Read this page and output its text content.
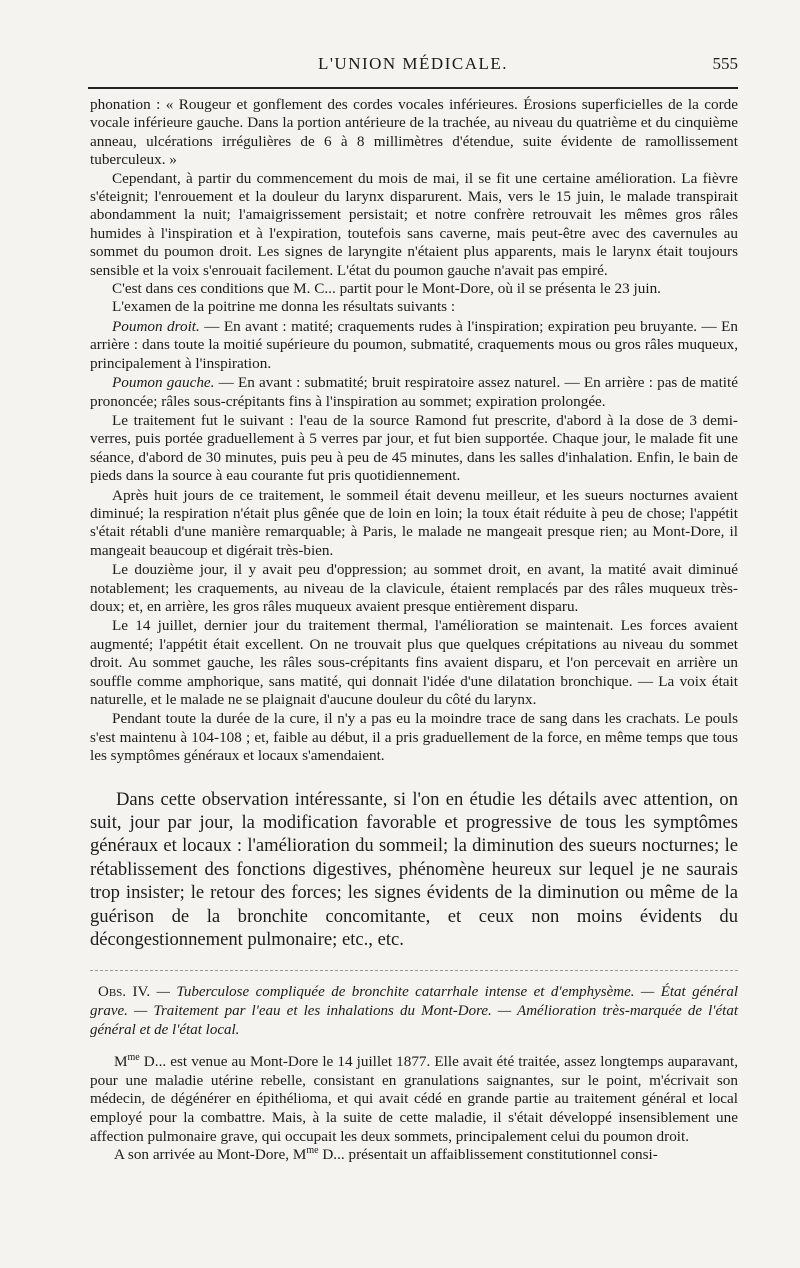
L'UNION MÉDICALE.	555

phonation : « Rougeur et gonflement des cordes vocales inférieures. Érosions superficielles de la corde vocale inférieure gauche. Dans la portion antérieure de la trachée, au niveau du quatrième et du cinquième anneau, ulcérations irrégulières de 6 à 8 millimètres d'étendue, suite évidente de ramollissement tuberculeux. »

Cependant, à partir du commencement du mois de mai, il se fit une certaine amélioration. La fièvre s'éteignit; l'enrouement et la douleur du larynx disparurent. Mais, vers le 15 juin, le malade transpirait abondamment la nuit; l'amaigrissement persistait; et notre confrère retrouvait les mêmes gros râles humides à l'inspiration et à l'expiration, toutefois sans caverne, mais peut-être avec des cavernules au sommet du poumon droit. Les signes de laryngite n'étaient plus apparents, mais le larynx était toujours sensible et la voix s'enrouait facilement. L'état du poumon gauche n'avait pas empiré.

C'est dans ces conditions que M. C... partit pour le Mont-Dore, où il se présenta le 23 juin.

L'examen de la poitrine me donna les résultats suivants :

Poumon droit. — En avant : matité; craquements rudes à l'inspiration; expiration peu bruyante. — En arrière : dans toute la moitié supérieure du poumon, submatité, craquements mous ou gros râles muqueux, principalement à l'inspiration.

Poumon gauche. — En avant : submatité; bruit respiratoire assez naturel. — En arrière : pas de matité prononcée; râles sous-crépitants fins à l'inspiration au sommet; expiration prolongée.

Le traitement fut le suivant : l'eau de la source Ramond fut prescrite, d'abord à la dose de 3 demi-verres, puis portée graduellement à 5 verres par jour, et fut bien supportée. Chaque jour, le malade fit une séance, d'abord de 30 minutes, puis peu à peu de 45 minutes, dans les salles d'inhalation. Enfin, le bain de pieds dans la source à eau courante fut pris quotidiennement.

Après huit jours de ce traitement, le sommeil était devenu meilleur, et les sueurs nocturnes avaient diminué; la respiration n'était plus gênée que de loin en loin; la toux était réduite à peu de chose; l'appétit s'était rétabli d'une manière remarquable; à Paris, le malade ne mangeait presque rien; au Mont-Dore, il mangeait beaucoup et digérait très-bien.

Le douzième jour, il y avait peu d'oppression; au sommet droit, en avant, la matité avait diminué notablement; les craquements, au niveau de la clavicule, étaient remplacés par des râles muqueux très-doux; et, en arrière, les gros râles muqueux avaient presque entièrement disparu.

Le 14 juillet, dernier jour du traitement thermal, l'amélioration se maintenait. Les forces avaient augmenté; l'appétit était excellent. On ne trouvait plus que quelques crépitations au niveau du sommet droit. Au sommet gauche, les râles sous-crépitants fins avaient disparu, et l'on percevait en arrière un souffle comme amphorique, sans matité, qui donnait l'idée d'une dilatation bronchique. — La voix était naturelle, et le malade ne se plaignait d'aucune douleur du côté du larynx.

Pendant toute la durée de la cure, il n'y a pas eu la moindre trace de sang dans les crachats. Le pouls s'est maintenu à 104-108 ; et, faible au début, il a pris graduellement de la force, en même temps que tous les symptômes généraux et locaux s'amendaient.

Dans cette observation intéressante, si l'on en étudie les détails avec attention, on suit, jour par jour, la modification favorable et progressive de tous les symptômes généraux et locaux : l'amélioration du sommeil; la diminution des sueurs nocturnes; le rétablissement des fonctions digestives, phénomène heureux sur lequel je ne saurais trop insister; le retour des forces; les signes évidents de la diminution ou même de la guérison de la bronchite concomitante, et ceux non moins évidents du décongestionnement pulmonaire; etc., etc.

Obs. IV. — Tuberculose compliquée de bronchite catarrhale intense et d'emphysème. — État général grave. — Traitement par l'eau et les inhalations du Mont-Dore. — Amélioration très-marquée de l'état général et de l'état local.

$M^{me}$ D... est venue au Mont-Dore le 14 juillet 1877. Elle avait été traitée, assez longtemps auparavant, pour une maladie utérine rebelle, consistant en granulations saignantes, sur le point, m'écrivait son médecin, de dégénérer en épithélioma, et qui avait cédé en grande partie au traitement général et local employé pour la combattre. Mais, à la suite de cette maladie, il s'était développé insensiblement une affection pulmonaire grave, qui occupait les deux sommets, principalement celui du poumon droit.

A son arrivée au Mont-Dore, $M^{me}$ D... présentait un affaiblissement constitutionnel consi-
